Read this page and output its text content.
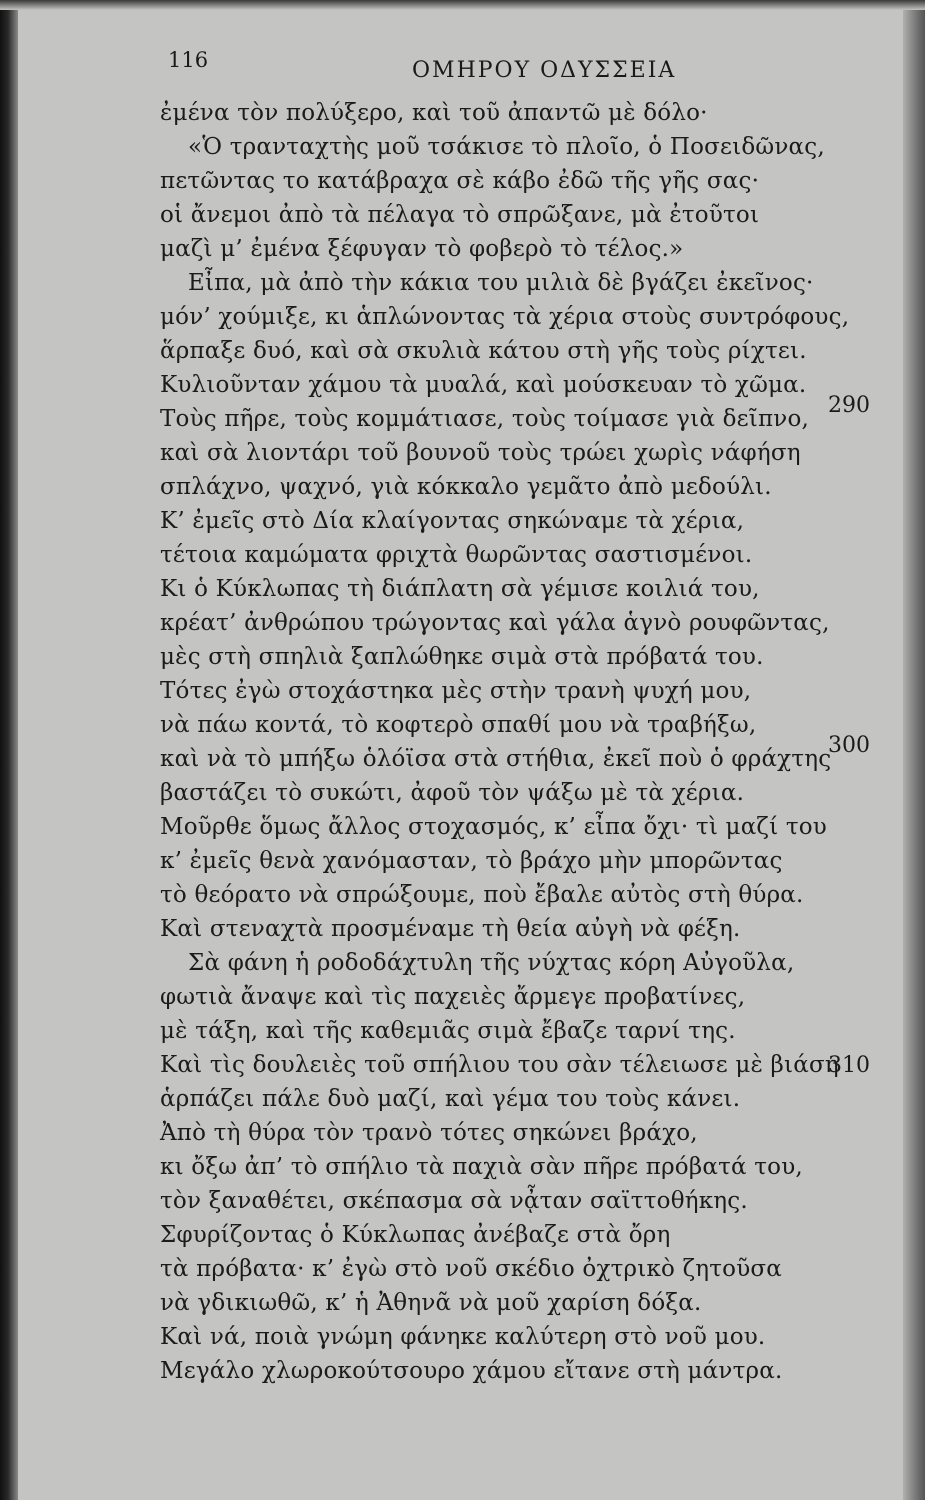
116	ΟΜΗΡΟΥ ΟΔΥΣΣΕΙΑ
ἐμένα τὸν πολύξερο, καὶ τοῦ ἀπαντῶ μὲ δόλο·
«Ὁ τρανταχτὴς μοῦ τσάκισε τὸ πλοῖο, ὁ Ποσειδῶνας,
πετῶντας το κατάβραχα σὲ κάβο ἐδῶ τῆς γῆς σας·
οἱ ἄνεμοι ἀπὸ τὰ πέλαγα τὸ σπρῶξανε, μὰ ἐτοῦτοι
μαζὶ μ’ ἐμένα ξέφυγαν τὸ φοβερὸ τὸ τέλος.»
Εἶπα, μὰ ἀπὸ τὴν κάκια του μιλιὰ δὲ βγάζει ἐκεῖνος·
μόν’ χούμιξε, κι ἁπλώνοντας τὰ χέρια στοὺς συντρόφους,
ἅρπαξε δυό, καὶ σὰ σκυλιὰ κάτου στὴ γῆς τοὺς ρίχτει.
Κυλιοῦνταν χάμου τὰ μυαλά, καὶ μούσκευαν τὸ χῶμα.
Τοὺς πῆρε, τοὺς κομμάτιασε, τοὺς τοίμασε γιὰ δεῖπνο,
καὶ σὰ λιοντάρι τοῦ βουνοῦ τοὺς τρώει χωρὶς νάφήση
σπλάχνο, ψαχνό, γιὰ κόκκαλο γεμᾶτο ἀπὸ μεδούλι.
Κ’ ἐμεῖς στὸ Δία κλαίγοντας σηκώναμε τὰ χέρια,
τέτοια καμώματα φριχτὰ θωρῶντας σαστισμένοι.
Κι ὁ Κύκλωπας τὴ διάπλατη σὰ γέμισε κοιλιά του,
κρέατ’ ἀνθρώπου τρώγοντας καὶ γάλα ἁγνὸ ρουφῶντας,
μὲς στὴ σπηλιὰ ξαπλώθηκε σιμὰ στὰ πρόβατά του.
Τότες ἐγὼ στοχάστηκα μὲς στὴν τρανὴ ψυχή μου,
νὰ πάω κοντά, τὸ κοφτερὸ σπαθί μου νὰ τραβήξω,
καὶ νὰ τὸ μπήξω ὁλόϊσα στὰ στήθια, ἐκεῖ ποὺ ὁ φράχτης
βαστάζει τὸ συκώτι, ἀφοῦ τὸν ψάξω μὲ τὰ χέρια.
Μοῦρθε ὅμως ἄλλος στοχασμός, κ’ εἶπα ὄχι· τὶ μαζί του
κ’ ἐμεῖς θενὰ χανόμασταν, τὸ βράχο μὴν μπορῶντας
τὸ θεόρατο νὰ σπρώξουμε, ποὺ ἔβαλε αὐτὸς στὴ θύρα.
Καὶ στεναχτὰ προσμέναμε τὴ θεία αὐγὴ νὰ φέξη.
Σὰ φάνη ἡ ροδοδάχτυλη τῆς νύχτας κόρη Αὐγοῦλα,
φωτιὰ ἄναψε καὶ τὶς παχειὲς ἄρμεγε προβατίνες,
μὲ τάξη, καὶ τῆς καθεμιᾶς σιμὰ ἔβαζε ταρνί της.
Καὶ τὶς δουλειὲς τοῦ σπήλιου του σὰν τέλειωσε μὲ βιάση
ἁρπάζει πάλε δυὸ μαζί, καὶ γέμα του τοὺς κάνει.
Ἀπὸ τὴ θύρα τὸν τρανὸ τότες σηκώνει βράχο,
κι ὄξω ἀπ’ τὸ σπήλιο τὰ παχιὰ σὰν πῆρε πρόβατά του,
τὸν ξαναθέτει, σκέπασμα σὰ νᾆταν σαϊττοθήκης.
Σφυρίζοντας ὁ Κύκλωπας ἀνέβαζε στὰ ὄρη
τὰ πρόβατα· κ’ ἐγὼ στὸ νοῦ σκέδιο ὀχτρικὸ ζητοῦσα
νὰ γδικιωθῶ, κ’ ἡ Ἀθηνᾶ νὰ μοῦ χαρίση δόξα.
Καὶ νά, ποιὰ γνώμη φάνηκε καλύτερη στὸ νοῦ μου.
Μεγάλο χλωροκούτσουρο χάμου εἴτανε στὴ μάντρα.
290
300
310
